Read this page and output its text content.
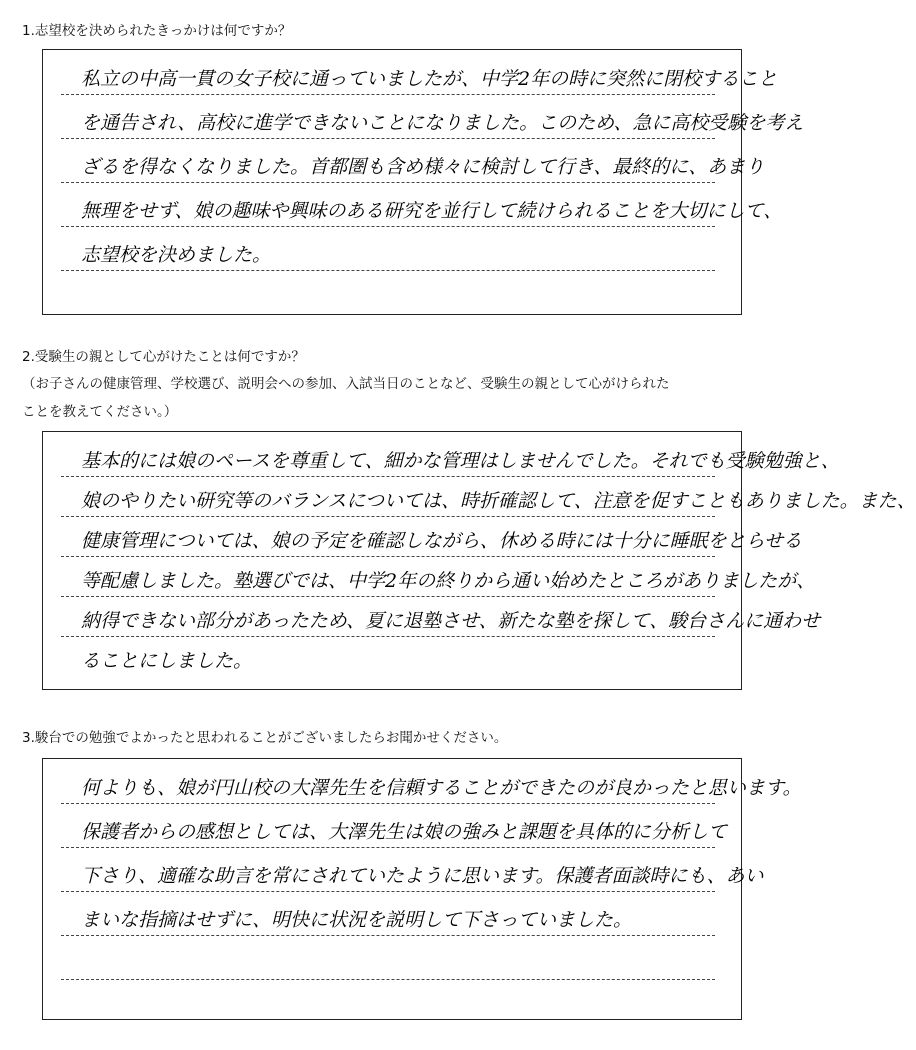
1.志望校を決められたきっかけは何ですか？
私立の中高一貫の女子校に通っていましたが、中学2年の時に突然に閉校すること
を通告され、高校に進学できないことになりました。このため、急に高校受験を考え
ざるを得なくなりました。首都圏も含め様々に検討して行き、最終的に、あまり
無理をせず、娘の趣味や興味のある研究を並行して続けられることを大切にして、
志望校を決めました。
2.受験生の親として心がけたことは何ですか？
（お子さんの健康管理、学校選び、説明会への参加、入試当日のことなど、受験生の親として心がけられた
ことを教えてください。）
基本的には娘のペースを尊重して、細かな管理はしませんでした。それでも受験勉強と、
娘のやりたい研究等のバランスについては、時折確認して、注意を促すこともありました。また、
健康管理については、娘の予定を確認しながら、休める時には十分に睡眠をとらせる
等配慮しました。塾選びでは、中学2年の終りから通い始めたところがありましたが、
納得できない部分があったため、夏に退塾させ、新たな塾を探して、駿台さんに通わせ
ることにしました。
3.駿台での勉強でよかったと思われることがございましたらお聞かせください。
何よりも、娘が円山校の大澤先生を信頼することができたのが良かったと思います。
保護者からの感想としては、大澤先生は娘の強みと課題を具体的に分析して
下さり、適確な助言を常にされていたように思います。保護者面談時にも、あい
まいな指摘はせずに、明快に状況を説明して下さっていました。
